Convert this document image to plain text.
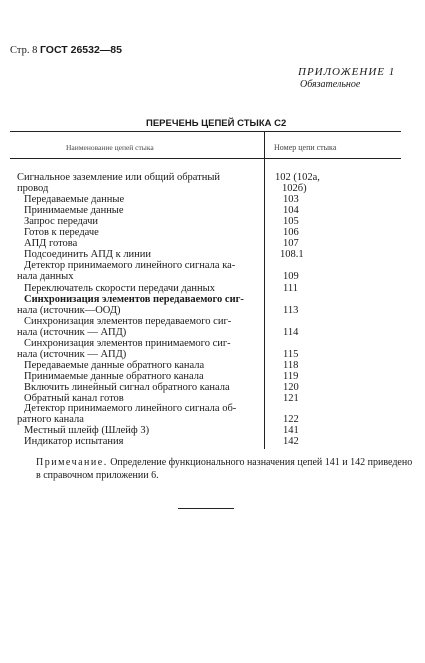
Стр. 8 ГОСТ 26532—85
ПРИЛОЖЕНИЕ 1
Обязательное
ПЕРЕЧЕНЬ ЦЕПЕЙ СТЫКА С2
Наименование цепей стыка	Номер цепи стыка
Сигнальное заземление или общий обратный	102 (102а,
провод	102б)
Передаваемые данные	103
Принимаемые данные	104
Запрос передачи	105
Готов к передаче	106
АПД готова	107
Подсоединить АПД к линии	108.1
Детектор принимаемого линейного сигнала ка-
нала данных	109
Переключатель скорости передачи данных	111
Синхронизация элементов передаваемого сиг-
нала (источник—ООД)	113
Синхронизация элементов передаваемого сиг-
нала (источник — АПД)	114
Синхронизация элементов принимаемого сиг-
нала (источник — АПД)	115
Передаваемые данные обратного канала	118
Принимаемые данные обратного канала	119
Включить линейный сигнал обратного канала	120
Обратный канал готов	121
Детектор принимаемого линейного сигнала об-
ратного канала	122
Местный шлейф (Шлейф 3)	141
Индикатор испытания	142
Примечание. Определение функционального назначения цепей 141 и 142 приведено в справочном приложении 6.
